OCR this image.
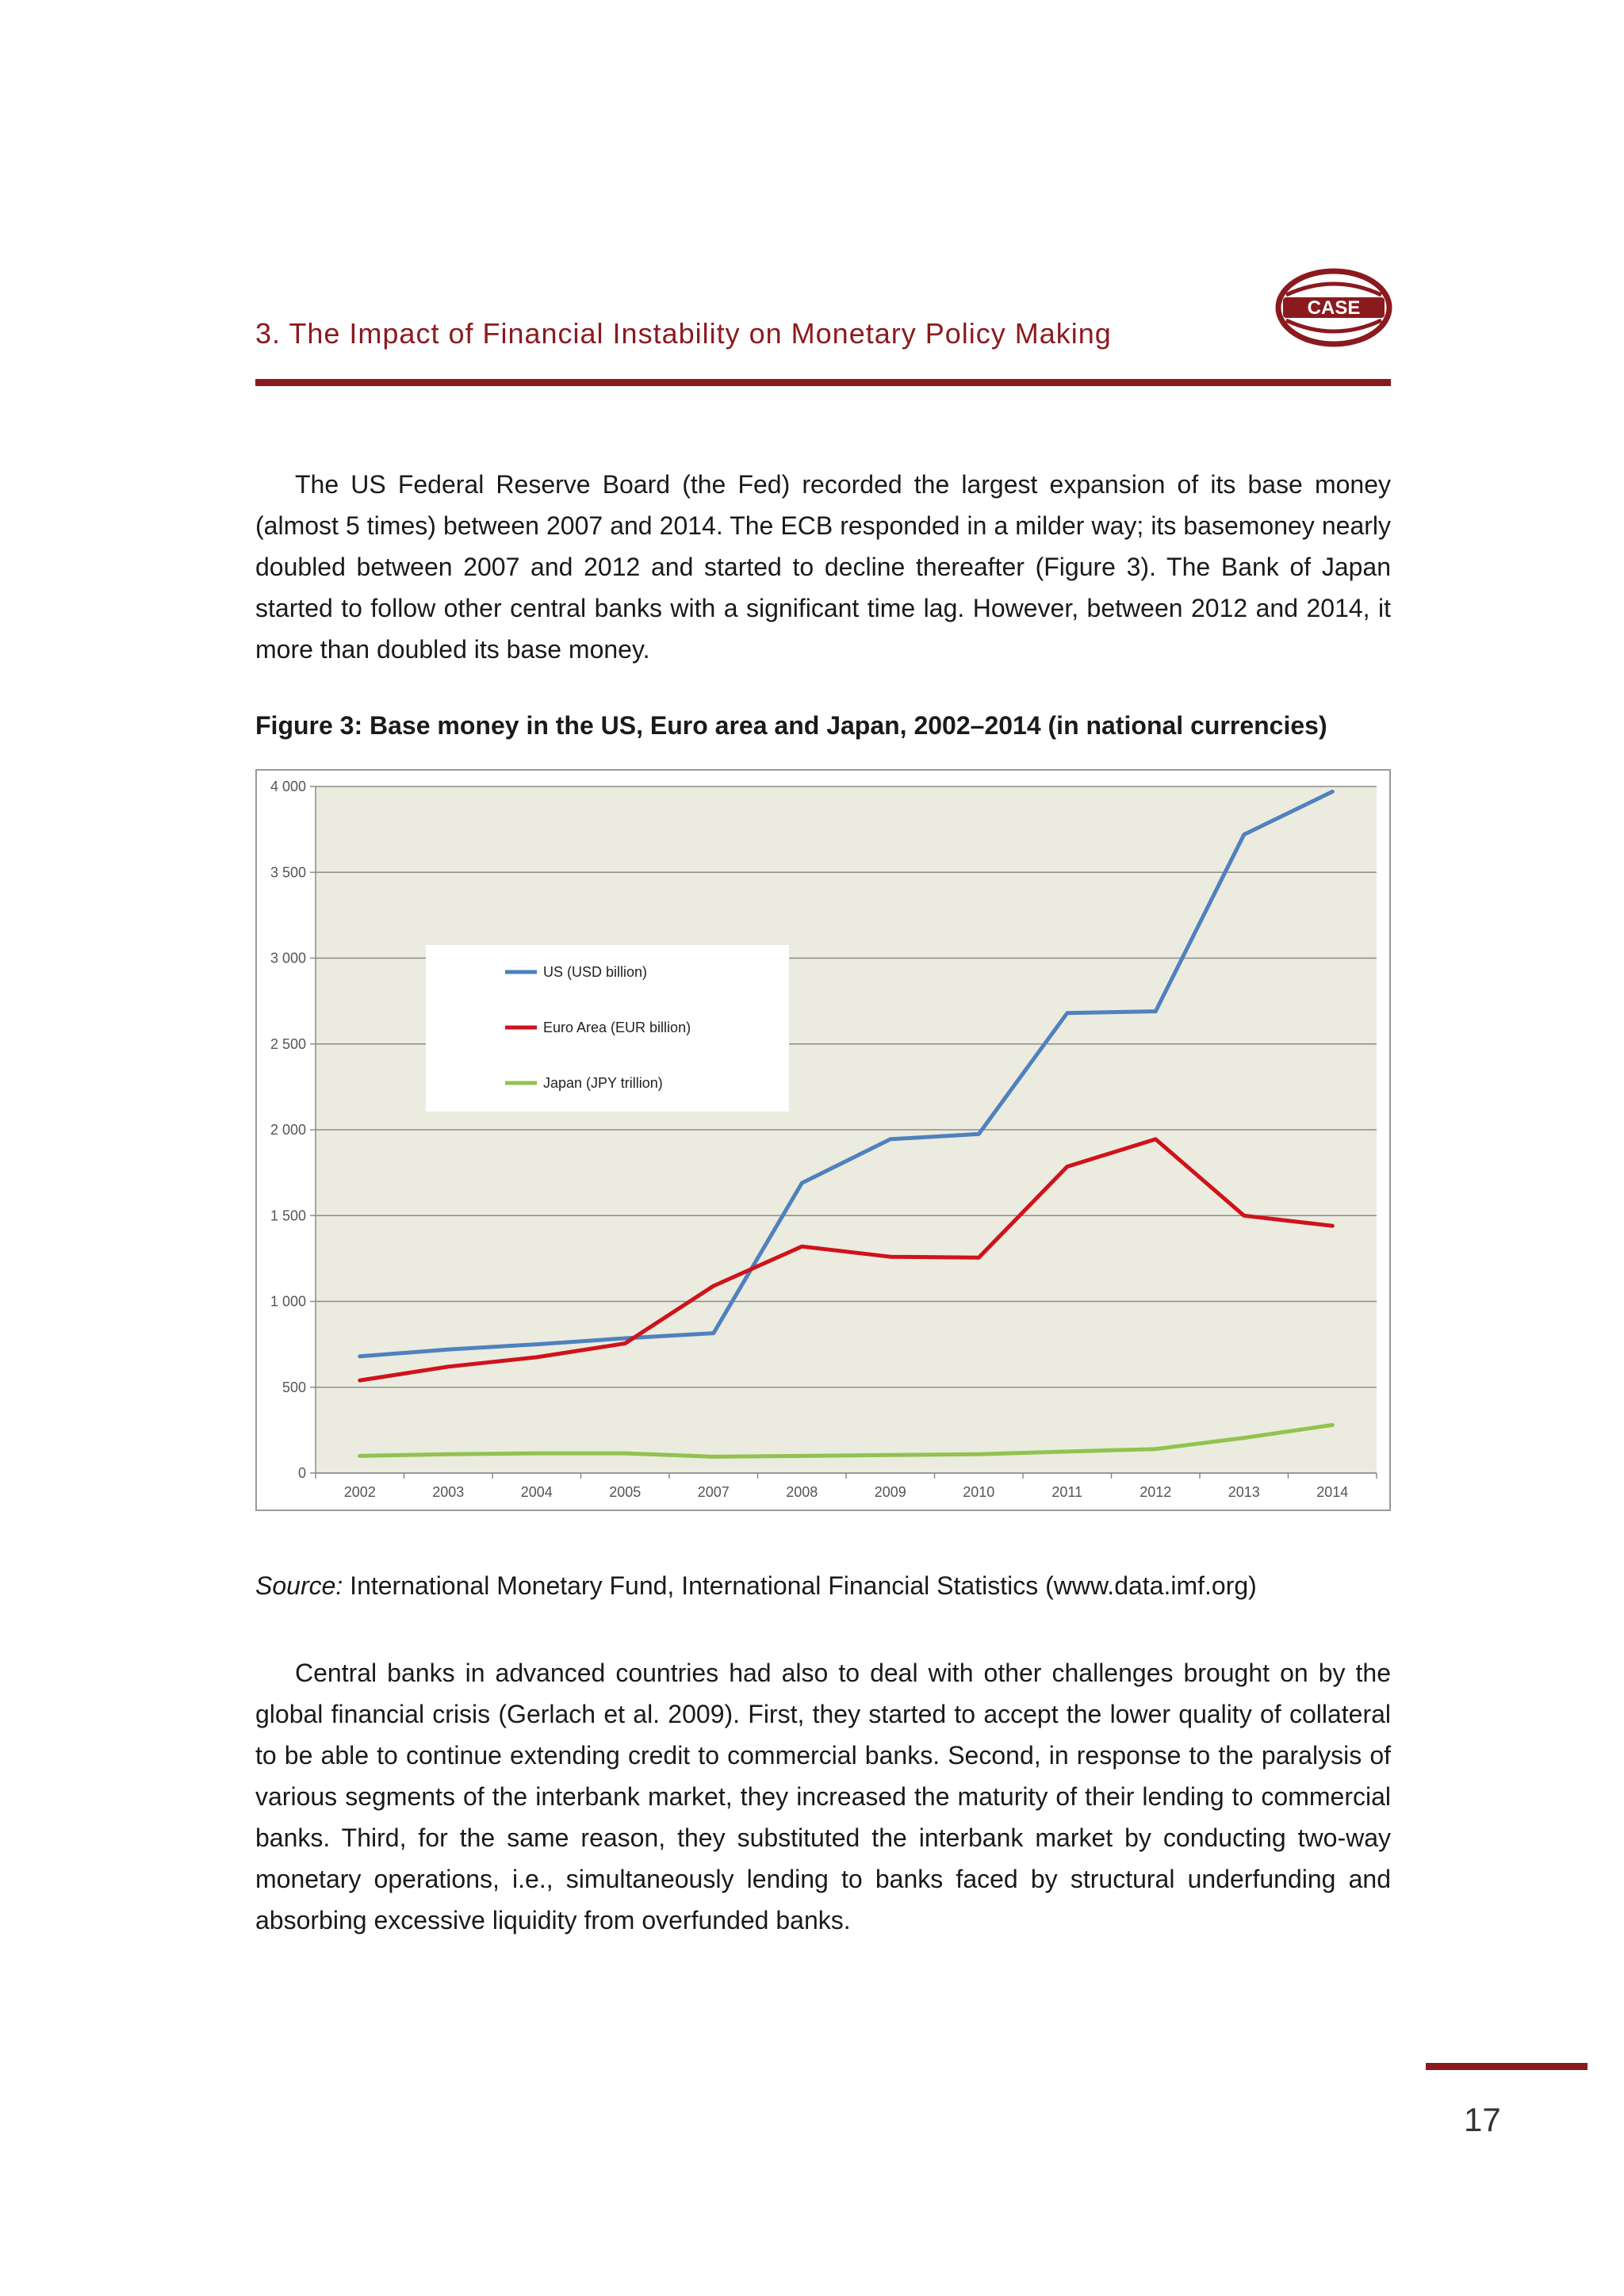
3. The Impact of Financial Instability on Monetary Policy Making
CASE
The US Federal Reserve Board (the Fed) recorded the largest expansion of its base money (almost 5 times) between 2007 and 2014. The ECB responded in a milder way; its basemoney nearly doubled between 2007 and 2012 and started to decline thereafter (Figure 3). The Bank of Japan started to follow other central banks with a significant time lag. However, between 2012 and 2014, it more than doubled its base money.
Figure 3: Base money in the US, Euro area and Japan, 2002–2014 (in national currencies)
0
500
1 000
1 500
2 000
2 500
3 000
3 500
4 000
2002	2003	2004	2005	2007	2008	2009	2010	2011	2012	2013	2014
US (USD billion)
Euro Area (EUR billion)
Japan (JPY trillion)
Source: International Monetary Fund, International Financial Statistics (www.data.imf.org)
Central banks in advanced countries had also to deal with other challenges brought on by the global financial crisis (Gerlach et al. 2009). First, they started to accept the lower quality of collateral to be able to continue extending credit to commercial banks. Second, in response to the paralysis of various segments of the interbank market, they increased the maturity of their lending to commercial banks. Third, for the same reason, they substituted the interbank market by conducting two-way monetary operations, i.e., simultaneously lending to banks faced by structural underfunding and absorbing excessive liquidity from overfunded banks.
17
